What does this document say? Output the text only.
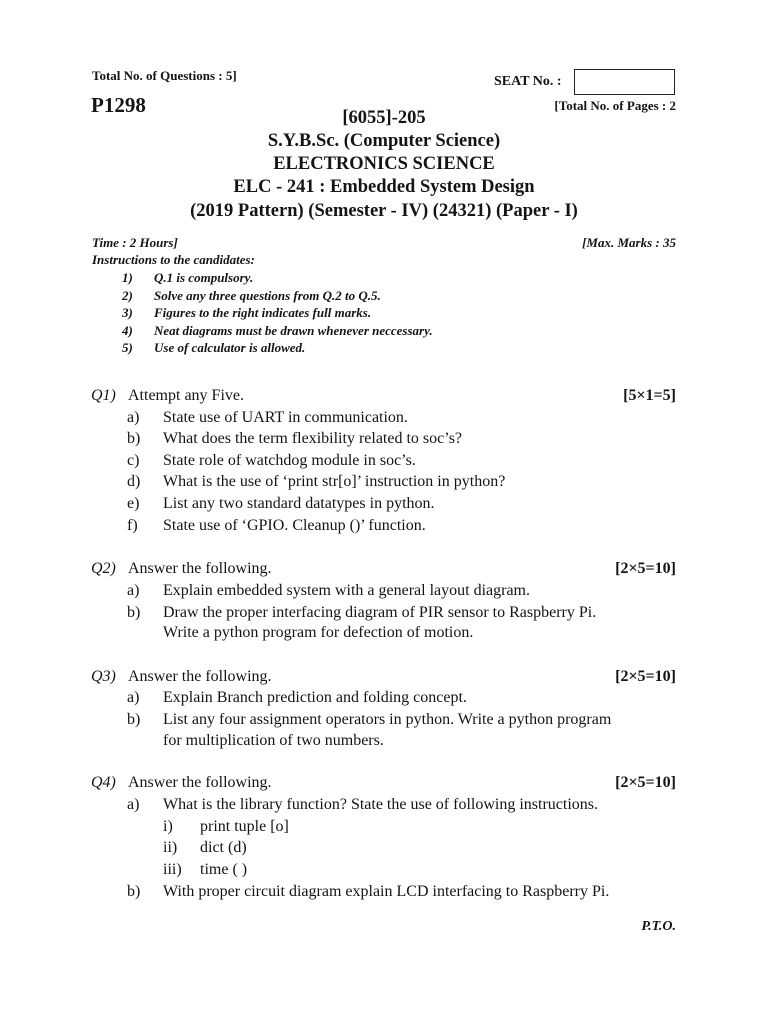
Total No. of Questions : 5]	SEAT No. :
P1298	[Total No. of Pages : 2
[6055]-205
S.Y.B.Sc. (Computer Science)
ELECTRONICS SCIENCE
ELC - 241 : Embedded System Design
(2019 Pattern) (Semester - IV) (24321) (Paper - I)
Time : 2 Hours]	[Max. Marks : 35
Instructions to the candidates:
1) Q.1 is compulsory.
2) Solve any three questions from Q.2 to Q.5.
3) Figures to the right indicates full marks.
4) Neat diagrams must be drawn whenever neccessary.
5) Use of calculator is allowed.
Q1) Attempt any Five.	[5×1=5]
a) State use of UART in communication.
b) What does the term flexibility related to soc’s?
c) State role of watchdog module in soc’s.
d) What is the use of ‘print str[o]’ instruction in python?
e) List any two standard datatypes in python.
f) State use of ‘GPIO. Cleanup ()’ function.
Q2) Answer the following.	[2×5=10]
a) Explain embedded system with a general layout diagram.
b) Draw the proper interfacing diagram of PIR sensor to Raspberry Pi.
Write a python program for defection of motion.
Q3) Answer the following.	[2×5=10]
a) Explain Branch prediction and folding concept.
b) List any four assignment operators in python. Write a python program
for multiplication of two numbers.
Q4) Answer the following.	[2×5=10]
a) What is the library function? State the use of following instructions.
i) print tuple [o]
ii) dict (d)
iii) time ( )
b) With proper circuit diagram explain LCD interfacing to Raspberry Pi.
P.T.O.
